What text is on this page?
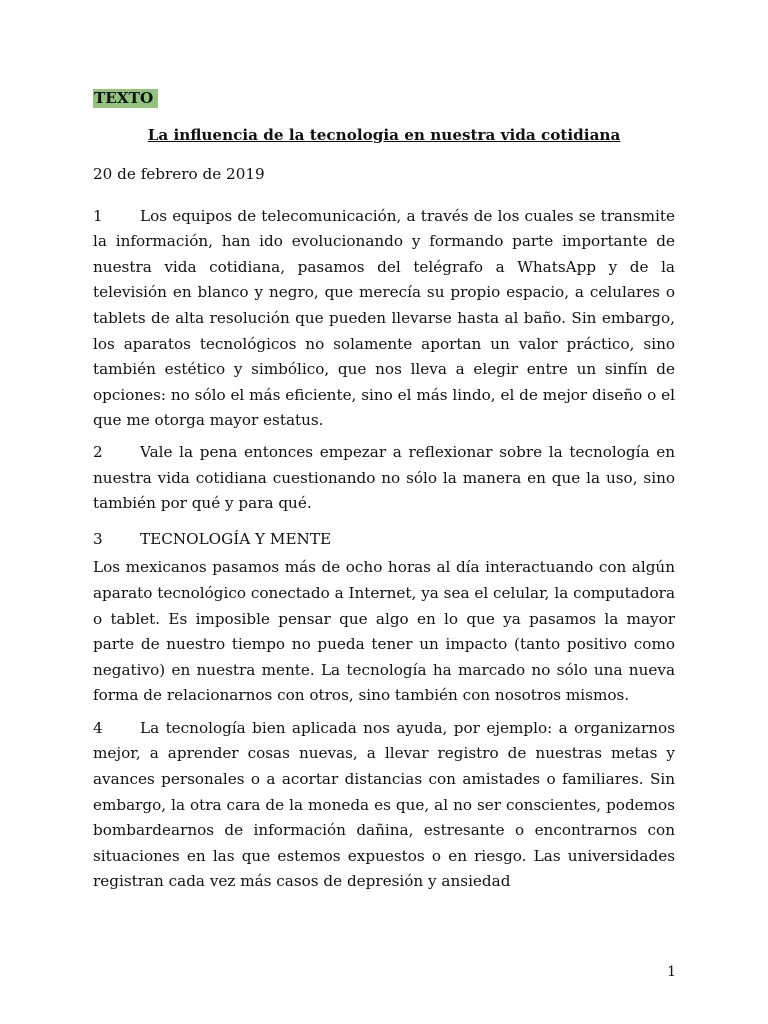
TEXTO
La influencia de la tecnologia en nuestra vida cotidiana
20 de febrero de 2019

1 Los equipos de telecomunicación, a través de los cuales se transmite la información, han ido evolucionando y formando parte importante de nuestra vida cotidiana, pasamos del telégrafo a WhatsApp y de la televisión en blanco y negro, que merecía su propio espacio, a celulares o tablets de alta resolución que pueden llevarse hasta al baño. Sin embargo, los aparatos tecnológicos no solamente aportan un valor práctico, sino también estético y simbólico, que nos lleva a elegir entre un sinfín de opciones: no sólo el más eficiente, sino el más lindo, el de mejor diseño o el que me otorga mayor estatus.

2 Vale la pena entonces empezar a reflexionar sobre la tecnología en nuestra vida cotidiana cuestionando no sólo la manera en que la uso, sino también por qué y para qué.

3 TECNOLOGÍA Y MENTE

Los mexicanos pasamos más de ocho horas al día interactuando con algún aparato tecnológico conectado a Internet, ya sea el celular, la computadora o tablet. Es imposible pensar que algo en lo que ya pasamos la mayor parte de nuestro tiempo no pueda tener un impacto (tanto positivo como negativo) en nuestra mente. La tecnología ha marcado no sólo una nueva forma de relacionarnos con otros, sino también con nosotros mismos.

4 La tecnología bien aplicada nos ayuda, por ejemplo: a organizarnos mejor, a aprender cosas nuevas, a llevar registro de nuestras metas y avances personales o a acortar distancias con amistades o familiares. Sin embargo, la otra cara de la moneda es que, al no ser conscientes, podemos bombardearnos de información dañina, estresante o encontrarnos con situaciones en las que estemos expuestos o en riesgo. Las universidades registran cada vez más casos de depresión y ansiedad

1
